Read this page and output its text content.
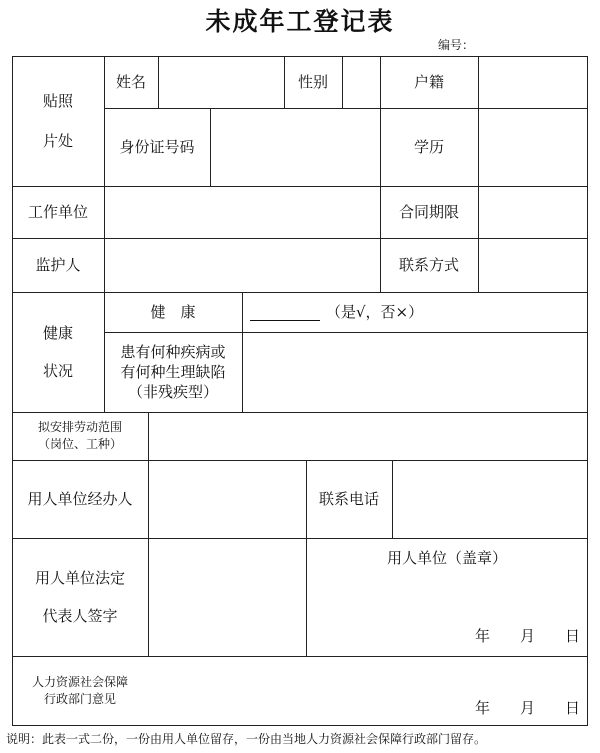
未成年工登记表
编号：
贴照
片处
姓名	性别	户籍
身份证号码	学历
工作单位	合同期限
监护人	联系方式
健康
状况
健　康	（是√，否×）
患有何种疾病或
有何种生理缺陷
（非残疾型）
拟安排劳动范围
（岗位、工种）
用人单位经办人	联系电话
用人单位法定
代表人签字
用人单位（盖章）
年　　月　　日
人力资源社会保障
行政部门意见	年　　月　　日
说明：此表一式二份，一份由用人单位留存，一份由当地人力资源社会保障行政部门留存。
